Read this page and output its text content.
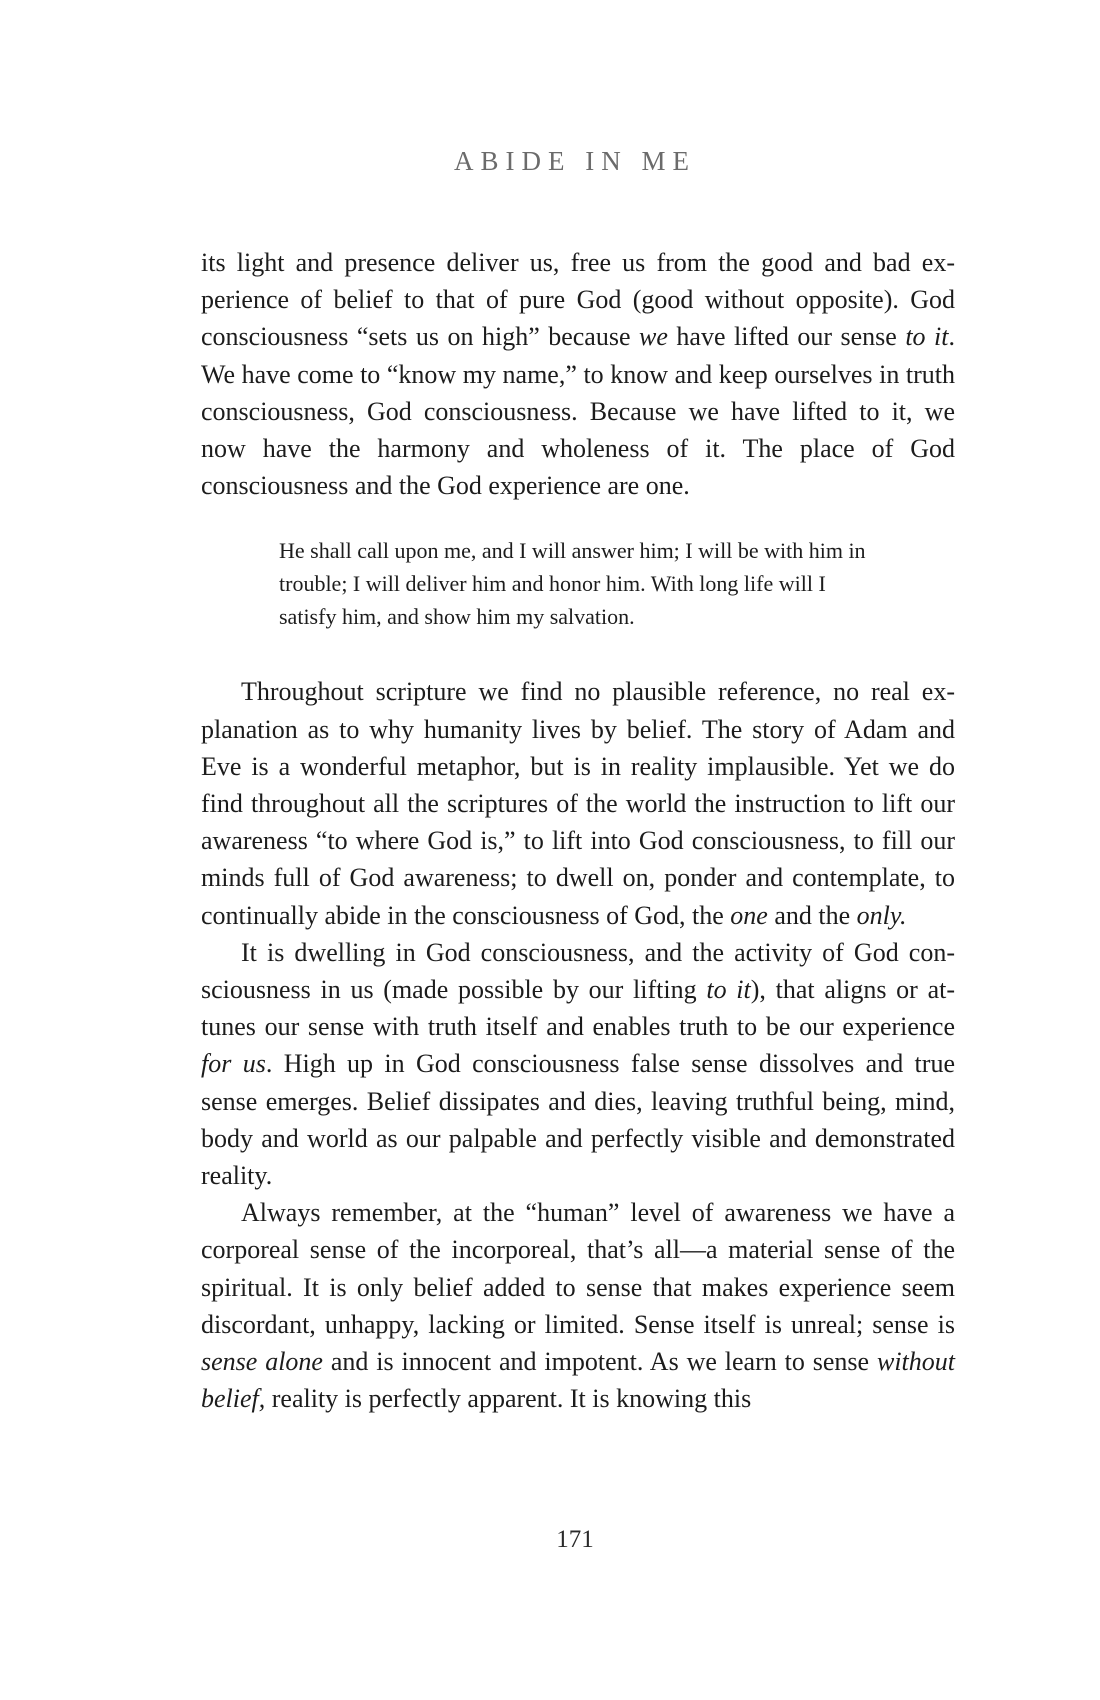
ABIDE IN ME

its light and presence deliver us, free us from the good and bad experience of belief to that of pure God (good without opposite). God consciousness “sets us on high” because we have lifted our sense to it. We have come to “know my name,” to know and keep ourselves in truth consciousness, God consciousness. Because we have lifted to it, we now have the harmony and wholeness of it. The place of God consciousness and the God experience are one.

He shall call upon me, and I will answer him; I will be with him in trouble; I will deliver him and honor him. With long life will I satisfy him, and show him my salvation.

Throughout scripture we find no plausible reference, no real explanation as to why humanity lives by belief. The story of Adam and Eve is a wonderful metaphor, but is in reality implausible. Yet we do find throughout all the scriptures of the world the instruction to lift our awareness “to where God is,” to lift into God consciousness, to fill our minds full of God awareness; to dwell on, ponder and contemplate, to continually abide in the consciousness of God, the one and the only.

It is dwelling in God consciousness, and the activity of God consciousness in us (made possible by our lifting to it), that aligns or attunes our sense with truth itself and enables truth to be our experience for us. High up in God consciousness false sense dissolves and true sense emerges. Belief dissipates and dies, leaving truthful being, mind, body and world as our palpable and perfectly visible and demonstrated reality.

Always remember, at the “human” level of awareness we have a corporeal sense of the incorporeal, that’s all—a material sense of the spiritual. It is only belief added to sense that makes experience seem discordant, unhappy, lacking or limited. Sense itself is unreal; sense is sense alone and is innocent and impotent. As we learn to sense without belief, reality is perfectly apparent. It is knowing this

171
